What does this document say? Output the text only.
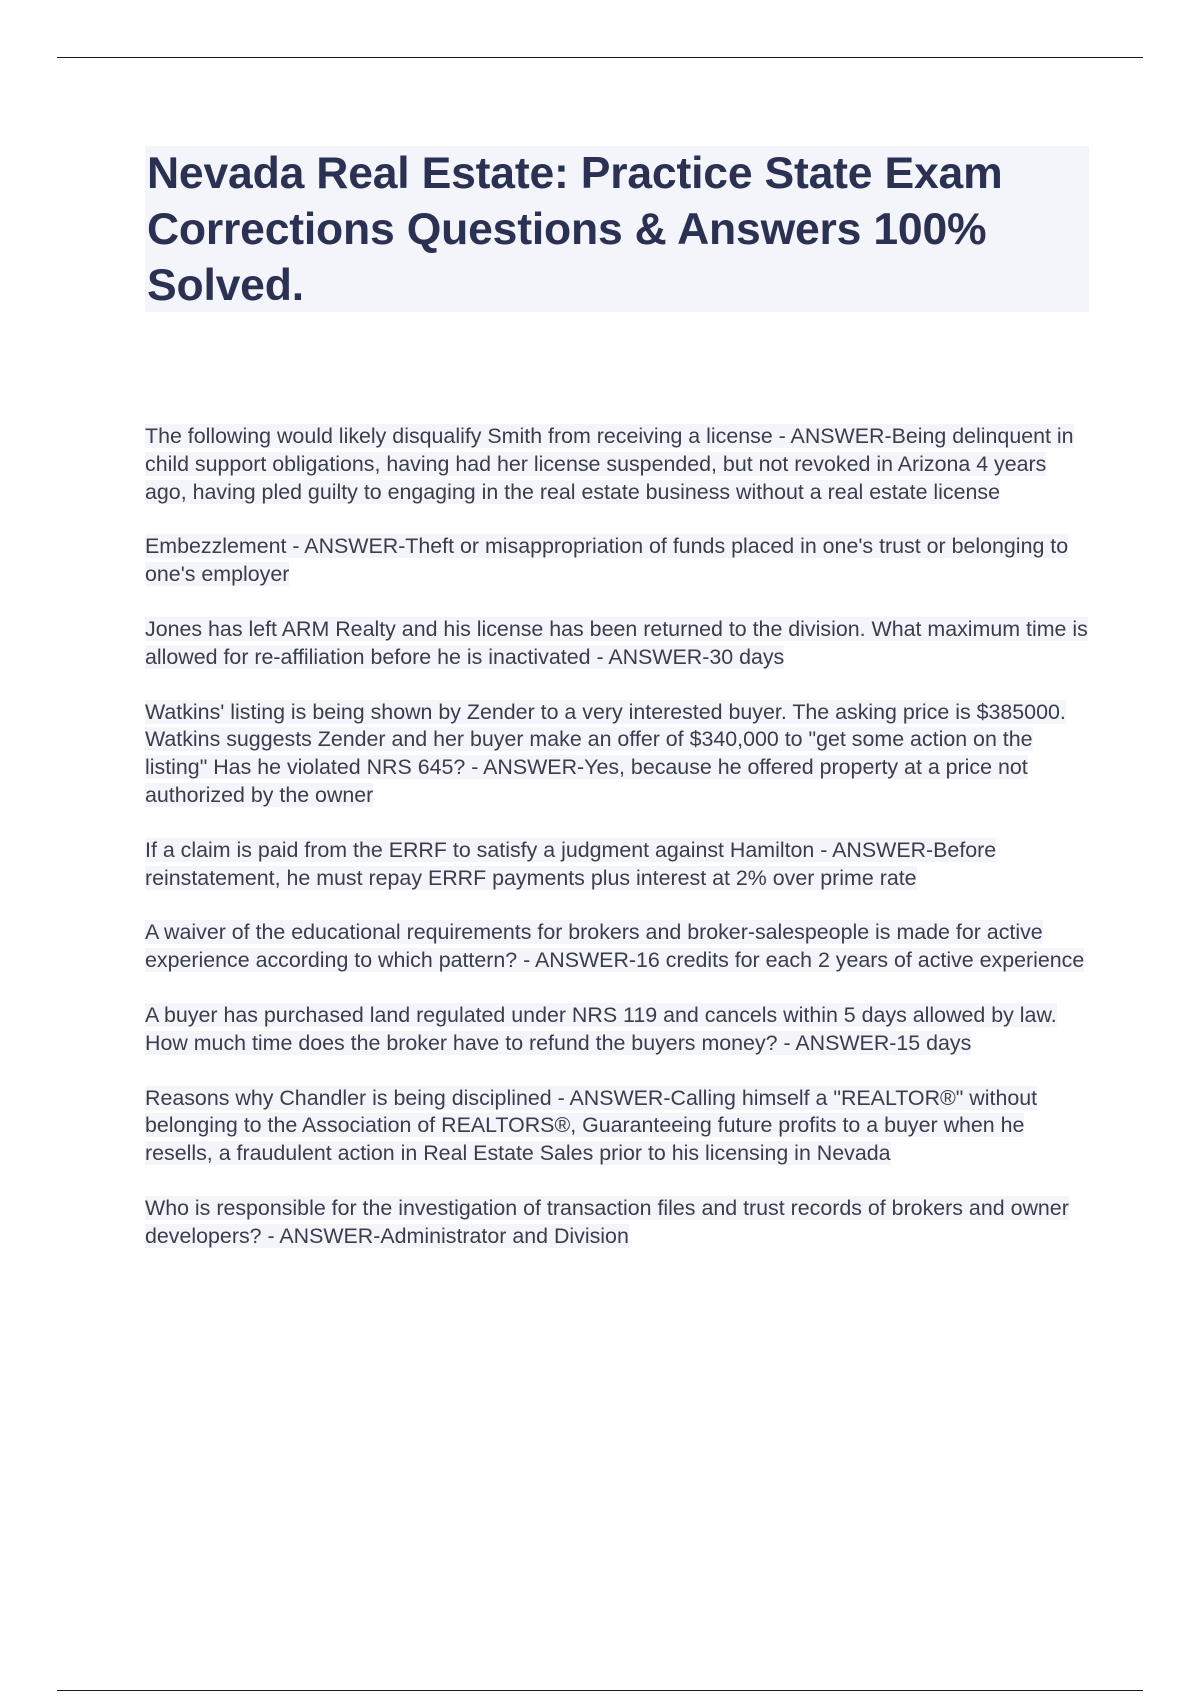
Nevada Real Estate: Practice State Exam Corrections Questions & Answers 100% Solved.

The following would likely disqualify Smith from receiving a license - ANSWER-Being delinquent in child support obligations, having had her license suspended, but not revoked in Arizona 4 years ago, having pled guilty to engaging in the real estate business without a real estate license

Embezzlement - ANSWER-Theft or misappropriation of funds placed in one's trust or belonging to one's employer

Jones has left ARM Realty and his license has been returned to the division. What maximum time is allowed for re-affiliation before he is inactivated - ANSWER-30 days

Watkins' listing is being shown by Zender to a very interested buyer. The asking price is $385000. Watkins suggests Zender and her buyer make an offer of $340,000 to "get some action on the listing" Has he violated NRS 645? - ANSWER-Yes, because he offered property at a price not authorized by the owner

If a claim is paid from the ERRF to satisfy a judgment against Hamilton - ANSWER-Before reinstatement, he must repay ERRF payments plus interest at 2% over prime rate

A waiver of the educational requirements for brokers and broker-salespeople is made for active experience according to which pattern? - ANSWER-16 credits for each 2 years of active experience

A buyer has purchased land regulated under NRS 119 and cancels within 5 days allowed by law. How much time does the broker have to refund the buyers money? - ANSWER-15 days

Reasons why Chandler is being disciplined - ANSWER-Calling himself a "REALTOR®" without belonging to the Association of REALTORS®, Guaranteeing future profits to a buyer when he resells, a fraudulent action in Real Estate Sales prior to his licensing in Nevada

Who is responsible for the investigation of transaction files and trust records of brokers and owner developers? - ANSWER-Administrator and Division
